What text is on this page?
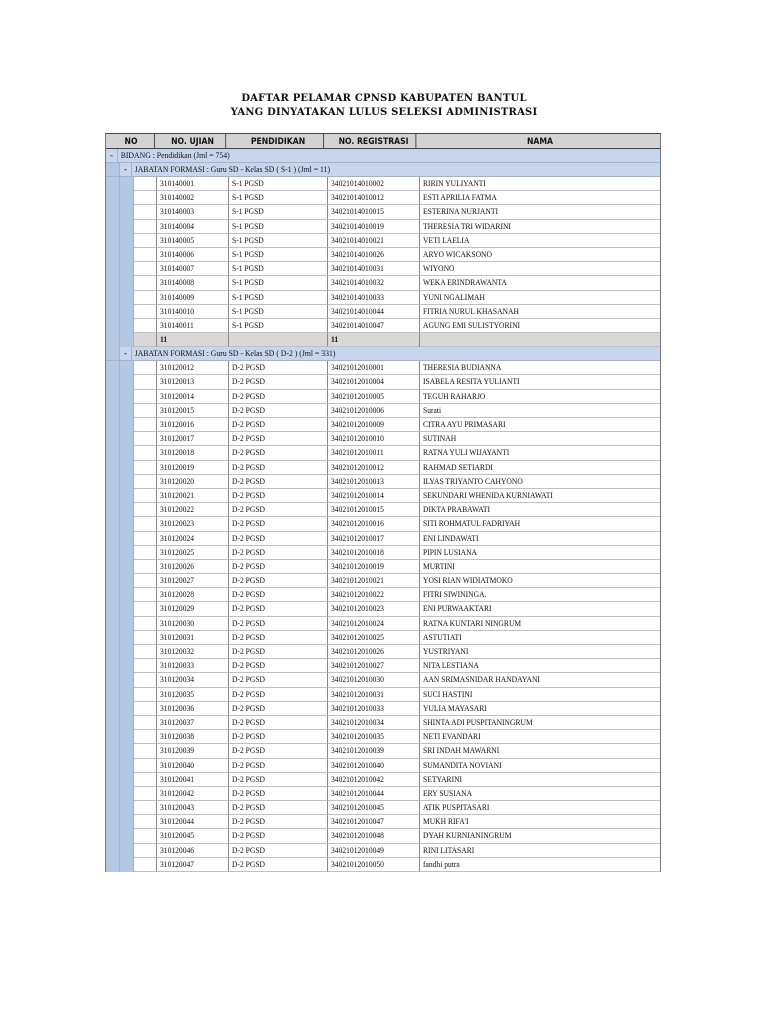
DAFTAR PELAMAR CPNSD KABUPATEN BANTUL
YANG DINYATAKAN LULUS SELEKSI ADMINISTRASI
NO	NO. UJIAN	PENDIDIKAN	NO. REGISTRASI	NAMA
- BIDANG : Pendidikan (Jml = 754)
- JABATAN FORMASI : Guru SD - Kelas SD ( S-1 ) (Jml = 11)
310140001	S-1 PGSD	34021014010002	RIRIN YULIYANTI
310140002	S-1 PGSD	34021014010012	ESTI APRILIA FATMA
310140003	S-1 PGSD	34021014010015	ESTERINA NURJANTI
310140004	S-1 PGSD	34021014010019	THERESIA TRI WIDARINI
310140005	S-1 PGSD	34021014010021	VETI LAELIA
310140006	S-1 PGSD	34021014010026	ARYO WICAKSONO
310140007	S-1 PGSD	34021014010031	WIYONO
310140008	S-1 PGSD	34021014010032	WEKA ERINDRAWANTA
310140009	S-1 PGSD	34021014010033	YUNI NGALIMAH
310140010	S-1 PGSD	34021014010044	FITRIA NURUL KHASANAH
310140011	S-1 PGSD	34021014010047	AGUNG EMI SULISTYORINI
11	11
- JABATAN FORMASI : Guru SD - Kelas SD ( D-2 ) (Jml = 331)
310120012	D-2 PGSD	34021012010001	THERESIA BUDIANNA
310120013	D-2 PGSD	34021012010004	ISABELA RESITA YULIANTI
310120014	D-2 PGSD	34021012010005	TEGUH RAHARJO
310120015	D-2 PGSD	34021012010006	Surati
310120016	D-2 PGSD	34021012010009	CITRA AYU PRIMASARI
310120017	D-2 PGSD	34021012010010	SUTINAH
310120018	D-2 PGSD	34021012010011	RATNA YULI WIJAYANTI
310120019	D-2 PGSD	34021012010012	RAHMAD SETIARDI
310120020	D-2 PGSD	34021012010013	ILYAS TRIYANTO CAHYONO
310120021	D-2 PGSD	34021012010014	SEKUNDARI WHENIDA KURNIAWATI
310120022	D-2 PGSD	34021012010015	DIKTA PRABAWATI
310120023	D-2 PGSD	34021012010016	SITI ROHMATUL FADRIYAH
310120024	D-2 PGSD	34021012010017	ENI LINDAWATI
310120025	D-2 PGSD	34021012010018	PIPIN LUSIANA
310120026	D-2 PGSD	34021012010019	MURTINI
310120027	D-2 PGSD	34021012010021	YOSI RIAN WIDIATMOKO
310120028	D-2 PGSD	34021012010022	FITRI SIWININGA.
310120029	D-2 PGSD	34021012010023	ENI PURWAAKTARI
310120030	D-2 PGSD	34021012010024	RATNA KUNTARI NINGRUM
310120031	D-2 PGSD	34021012010025	ASTUTIATI
310120032	D-2 PGSD	34021012010026	YUSTRIYANI
310120033	D-2 PGSD	34021012010027	NITA LESTIANA
310120034	D-2 PGSD	34021012010030	AAN SRIMASNIDAR HANDAYANI
310120035	D-2 PGSD	34021012010031	SUCI HASTINI
310120036	D-2 PGSD	34021012010033	YULIA MAYASARI
310120037	D-2 PGSD	34021012010034	SHINTA ADI PUSPITANINGRUM
310120038	D-2 PGSD	34021012010035	NETI EVANDARI
310120039	D-2 PGSD	34021012010039	SRI INDAH MAWARNI
310120040	D-2 PGSD	34021012010040	SUMANDITA NOVIANI
310120041	D-2 PGSD	34021012010042	SETYARINI
310120042	D-2 PGSD	34021012010044	ERY SUSIANA
310120043	D-2 PGSD	34021012010045	ATIK PUSPITASARI
310120044	D-2 PGSD	34021012010047	MUKH RIFA'I
310120045	D-2 PGSD	34021012010048	DYAH KURNIANINGRUM
310120046	D-2 PGSD	34021012010049	RINI LITASARI
310120047	D-2 PGSD	34021012010050	fandhi putra
